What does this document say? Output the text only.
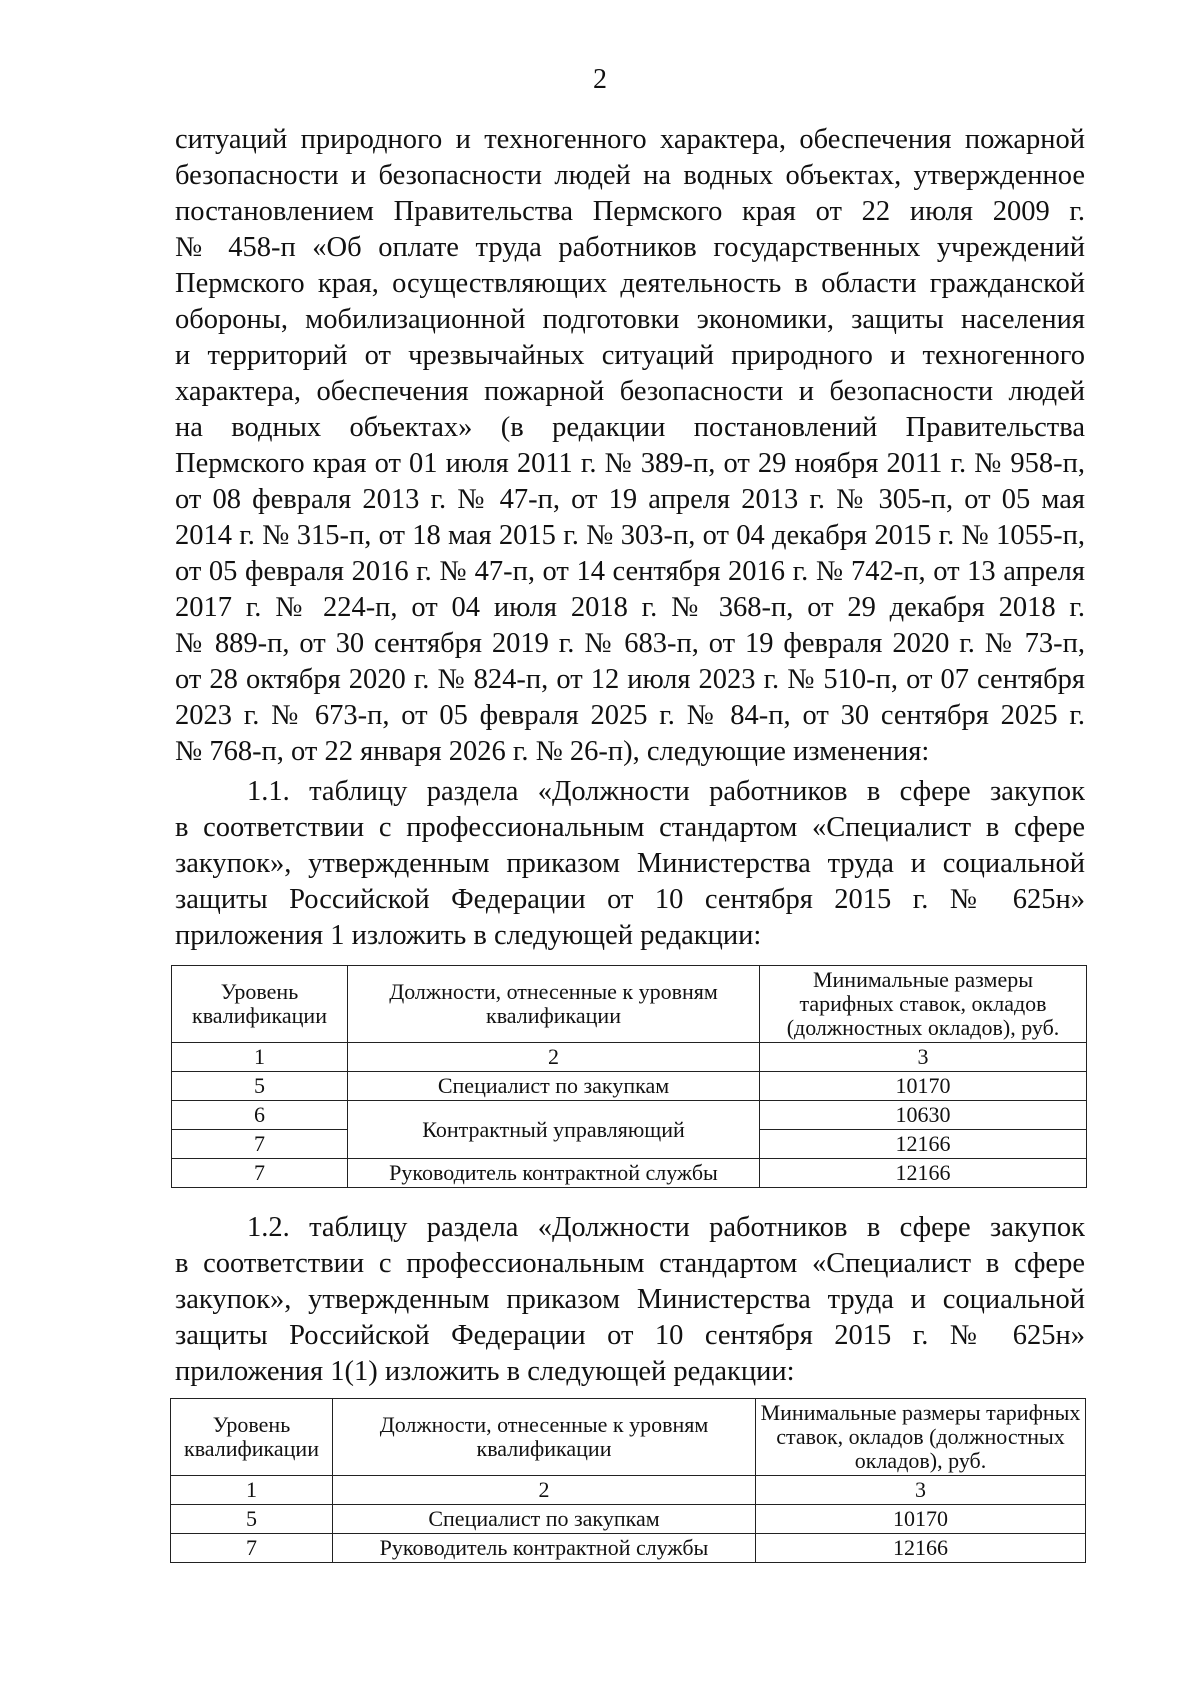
2
ситуаций природного и техногенного характера, обеспечения пожарной
безопасности и безопасности людей на водных объектах, утвержденное
постановлением Правительства Пермского края от 22 июля 2009 г.
№ 458-п «Об оплате труда работников государственных учреждений
Пермского края, осуществляющих деятельность в области гражданской
обороны, мобилизационной подготовки экономики, защиты населения
и территорий от чрезвычайных ситуаций природного и техногенного
характера, обеспечения пожарной безопасности и безопасности людей
на водных объектах» (в редакции постановлений Правительства
Пермского края от 01 июля 2011 г. № 389-п, от 29 ноября 2011 г. № 958-п,
от 08 февраля 2013 г. № 47-п, от 19 апреля 2013 г. № 305-п, от 05 мая
2014 г. № 315-п, от 18 мая 2015 г. № 303-п, от 04 декабря 2015 г. № 1055-п,
от 05 февраля 2016 г. № 47-п, от 14 сентября 2016 г. № 742-п, от 13 апреля
2017 г. № 224-п, от 04 июля 2018 г. № 368-п, от 29 декабря 2018 г.
№ 889-п, от 30 сентября 2019 г. № 683-п, от 19 февраля 2020 г. № 73-п,
от 28 октября 2020 г. № 824-п, от 12 июля 2023 г. № 510-п, от 07 сентября
2023 г. № 673-п, от 05 февраля 2025 г. № 84-п, от 30 сентября 2025 г.
№ 768-п, от 22 января 2026 г. № 26-п), следующие изменения:
1.1. таблицу раздела «Должности работников в сфере закупок
в соответствии с профессиональным стандартом «Специалист в сфере
закупок», утвержденным приказом Министерства труда и социальной
защиты Российской Федерации от 10 сентября 2015 г. № 625н»
приложения 1 изложить в следующей редакции:
Уровень квалификации	Должности, отнесенные к уровням квалификации	Минимальные размеры тарифных ставок, окладов (должностных окладов), руб.
1	2	3
5	Специалист по закупкам	10170
6	Контрактный управляющий	10630
7		12166
7	Руководитель контрактной службы	12166
1.2. таблицу раздела «Должности работников в сфере закупок
в соответствии с профессиональным стандартом «Специалист в сфере
закупок», утвержденным приказом Министерства труда и социальной
защиты Российской Федерации от 10 сентября 2015 г. № 625н»
приложения 1(1) изложить в следующей редакции:
Уровень квалификации	Должности, отнесенные к уровням квалификации	Минимальные размеры тарифных ставок, окладов (должностных окладов), руб.
1	2	3
5	Специалист по закупкам	10170
7	Руководитель контрактной службы	12166
